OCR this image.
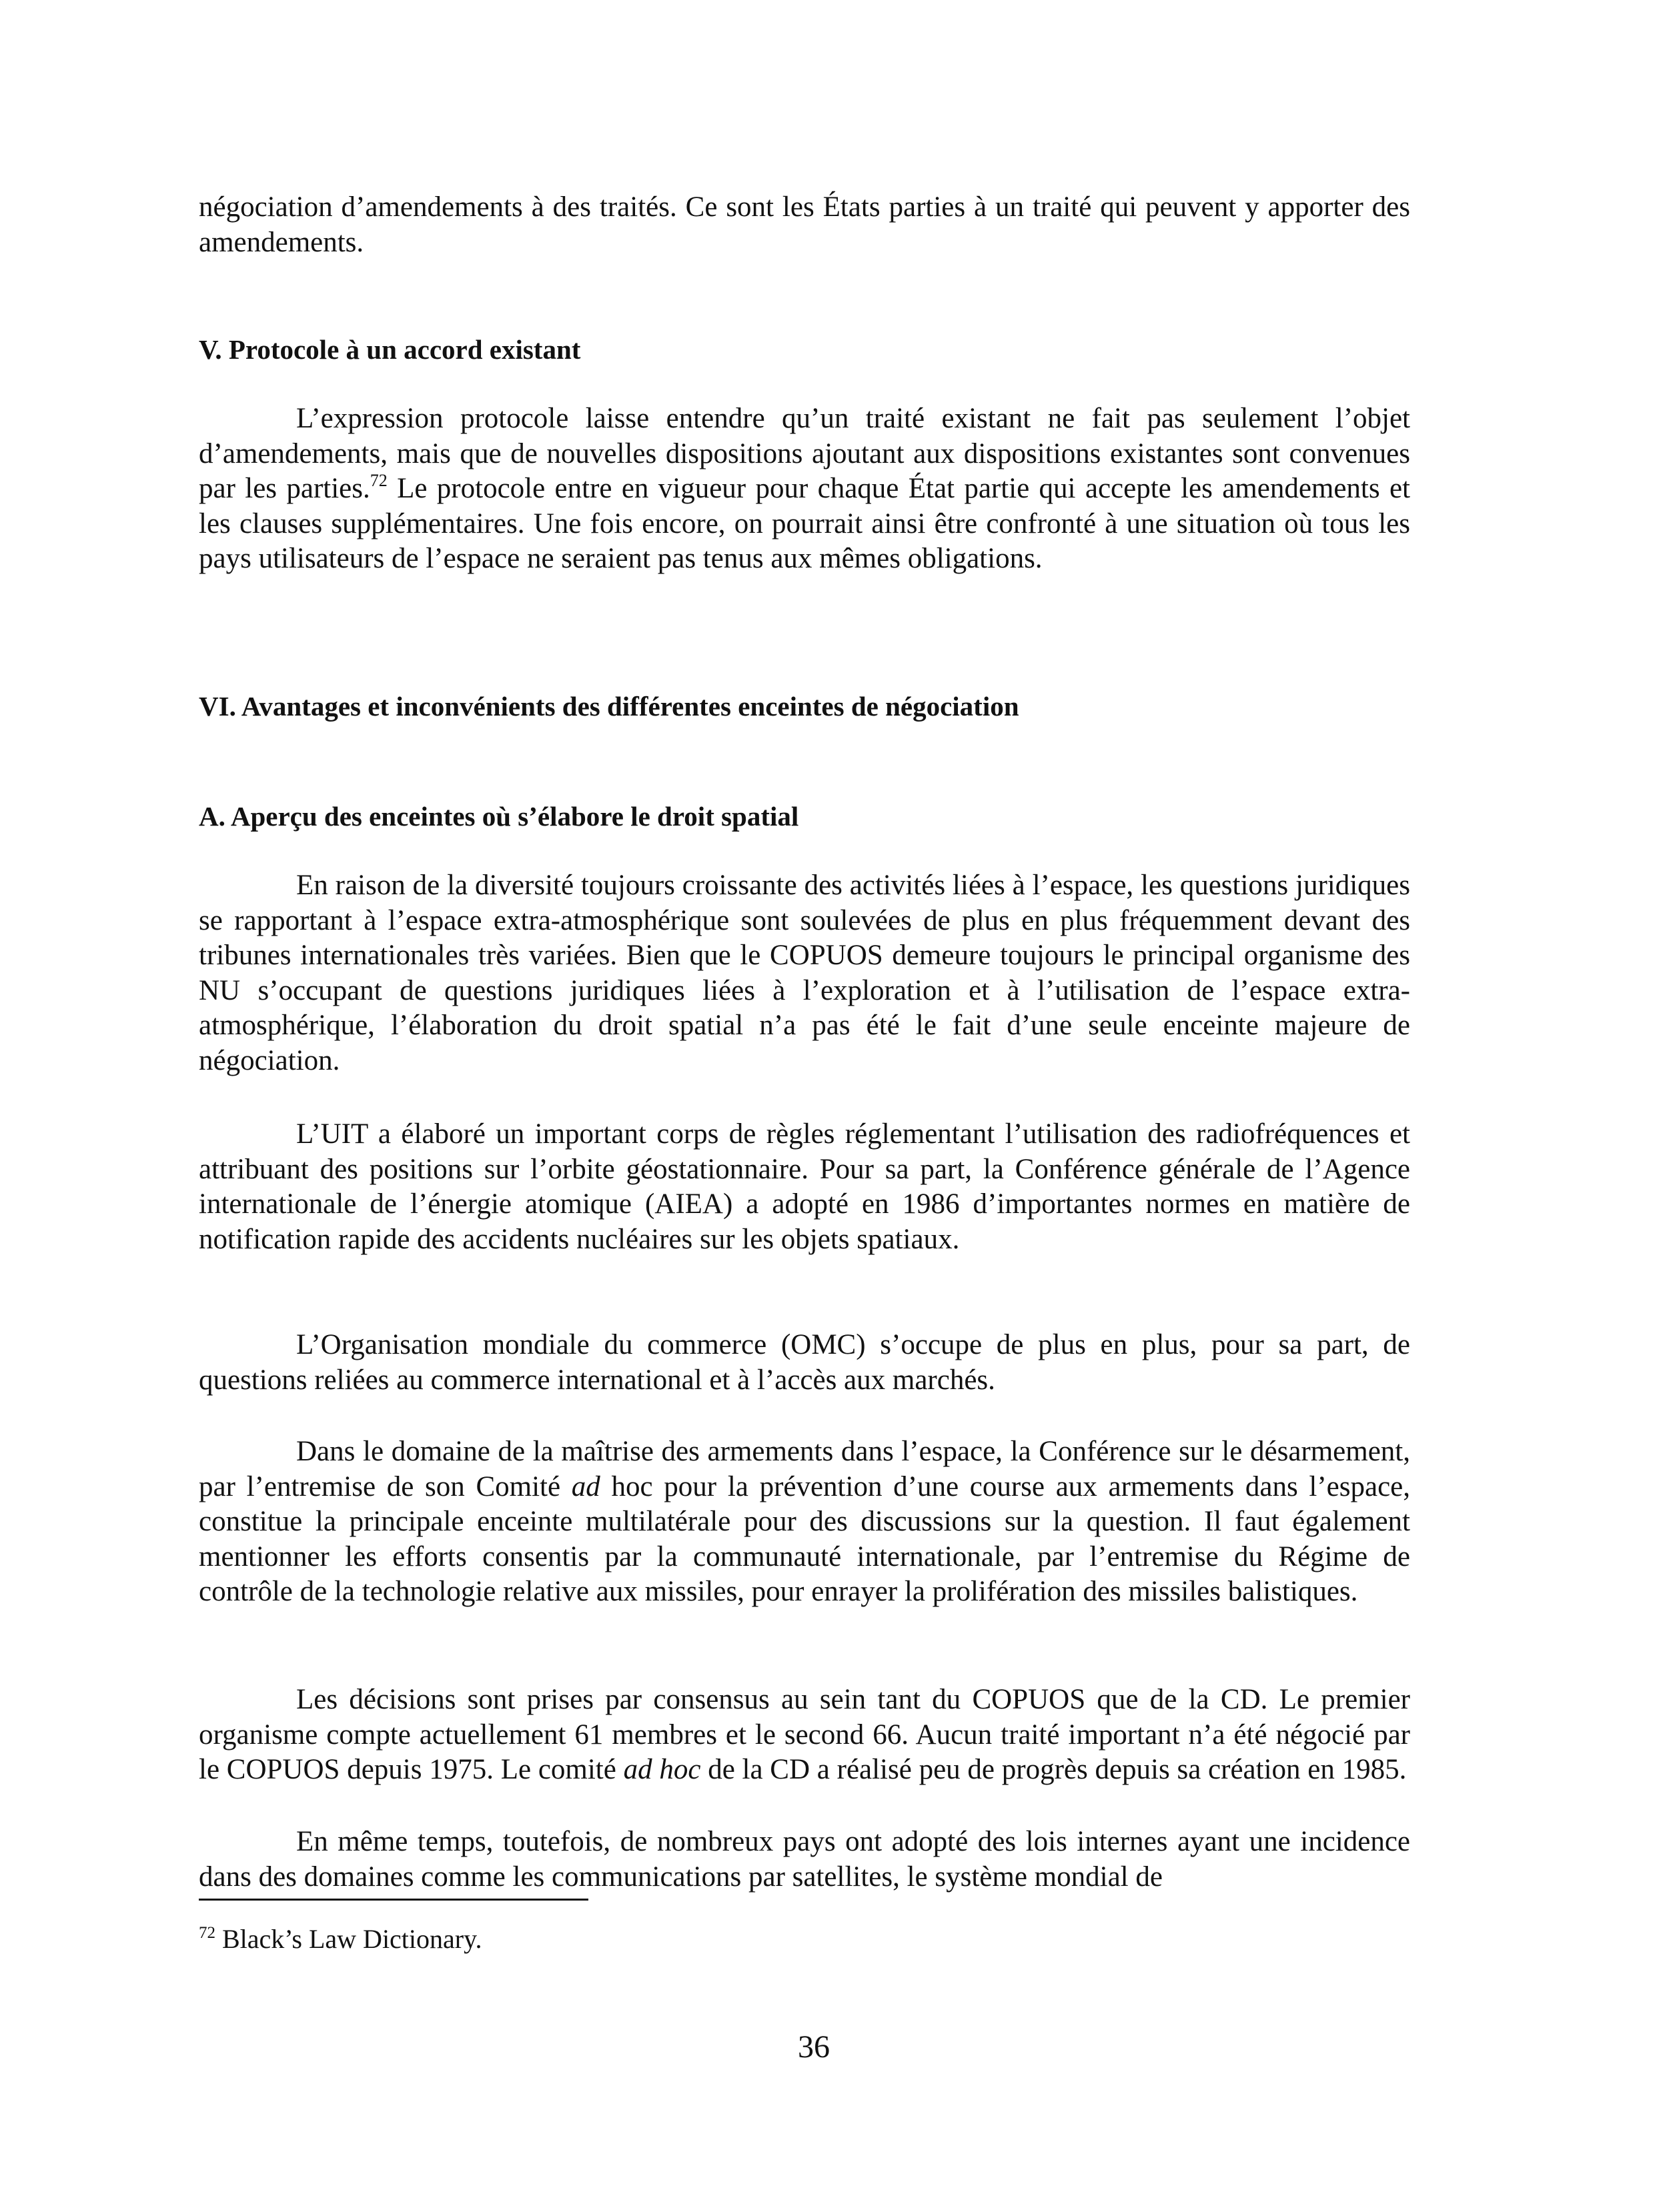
négociation d’amendements à des traités. Ce sont les États parties à un traité qui peuvent y apporter des amendements.

V. Protocole à un accord existant

L’expression protocole laisse entendre qu’un traité existant ne fait pas seulement l’objet d’amendements, mais que de nouvelles dispositions ajoutant aux dispositions existantes sont convenues par les parties.$^{72}$ Le protocole entre en vigueur pour chaque État partie qui accepte les amendements et les clauses supplémentaires. Une fois encore, on pourrait ainsi être confronté à une situation où tous les pays utilisateurs de l’espace ne seraient pas tenus aux mêmes obligations.

VI. Avantages et inconvénients des différentes enceintes de négociation
A. Aperçu des enceintes où s’élabore le droit spatial

En raison de la diversité toujours croissante des activités liées à l’espace, les questions juridiques se rapportant à l’espace extra-atmosphérique sont soulevées de plus en plus fréquemment devant des tribunes internationales très variées. Bien que le COPUOS demeure toujours le principal organisme des NU s’occupant de questions juridiques liées à l’exploration et à l’utilisation de l’espace extra-atmosphérique, l’élaboration du droit spatial n’a pas été le fait d’une seule enceinte majeure de négociation.

L’UIT a élaboré un important corps de règles réglementant l’utilisation des radiofréquences et attribuant des positions sur l’orbite géostationnaire. Pour sa part, la Conférence générale de l’Agence internationale de l’énergie atomique (AIEA) a adopté en 1986 d’importantes normes en matière de notification rapide des accidents nucléaires sur les objets spatiaux.

L’Organisation mondiale du commerce (OMC) s’occupe de plus en plus, pour sa part, de questions reliées au commerce international et à l’accès aux marchés.

Dans le domaine de la maîtrise des armements dans l’espace, la Conférence sur le désarmement, par l’entremise de son Comité ad hoc pour la prévention d’une course aux armements dans l’espace, constitue la principale enceinte multilatérale pour des discussions sur la question. Il faut également mentionner les efforts consentis par la communauté internationale, par l’entremise du Régime de contrôle de la technologie relative aux missiles, pour enrayer la prolifération des missiles balistiques.

Les décisions sont prises par consensus au sein tant du COPUOS que de la CD. Le premier organisme compte actuellement 61 membres et le second 66. Aucun traité important n’a été négocié par le COPUOS depuis 1975. Le comité ad hoc de la CD a réalisé peu de progrès depuis sa création en 1985.

En même temps, toutefois, de nombreux pays ont adopté des lois internes ayant une incidence dans des domaines comme les communications par satellites, le système mondial de

$^{72}$ Black’s Law Dictionary.
36
